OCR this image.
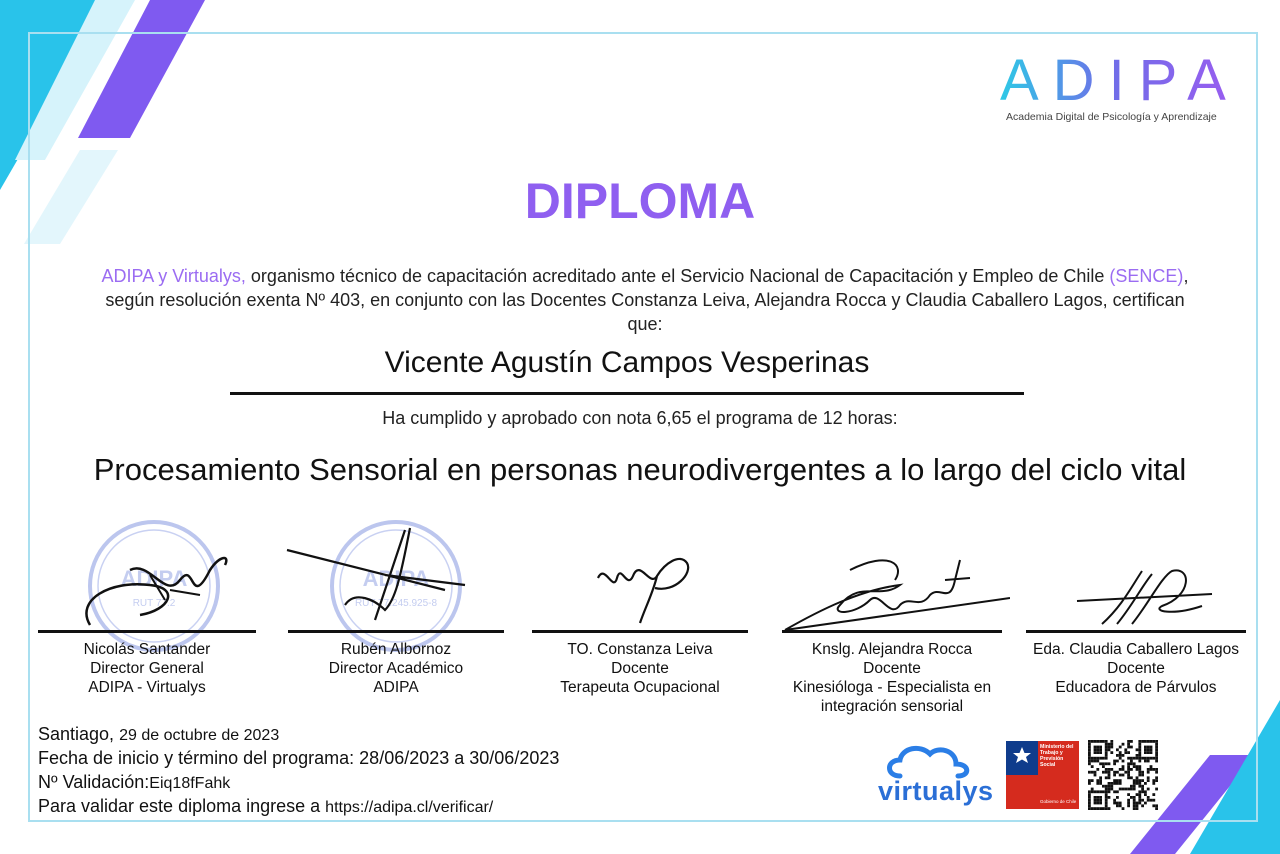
ADIPA
Academia Digital de Psicología y Aprendizaje
DIPLOMA
ADIPA y Virtualys, organismo técnico de capacitación acreditado ante el Servicio Nacional de Capacitación y Empleo de Chile (SENCE), según resolución exenta Nº 403, en conjunto con las Docentes Constanza Leiva, Alejandra Rocca y Claudia Caballero Lagos, certifican que:
Vicente Agustín Campos Vesperinas
Ha cumplido y aprobado con nota 6,65 el programa de 12 horas:
Procesamiento Sensorial en personas neurodivergentes a lo largo del ciclo vital
ADIPA
RUT 77.2
ADIPA
RUT 77.245.925-8
Nicolás Santander
Director General
ADIPA - Virtualys
Rubén Albornoz
Director Académico
ADIPA
TO. Constanza Leiva
Docente
Terapeuta Ocupacional
Knslg. Alejandra Rocca
Docente
Kinesióloga - Especialista en
integración sensorial
Eda. Claudia Caballero Lagos
Docente
Educadora de Párvulos
Santiago, 29 de octubre de 2023
Fecha de inicio y término del programa: 28/06/2023 a 30/06/2023
Nº Validación:Eiq18fFahk
Para validar este diploma ingrese a https://adipa.cl/verificar/
virtualys
Ministerio del
Trabajo y
Previsión
Social
Gobierno de Chile
